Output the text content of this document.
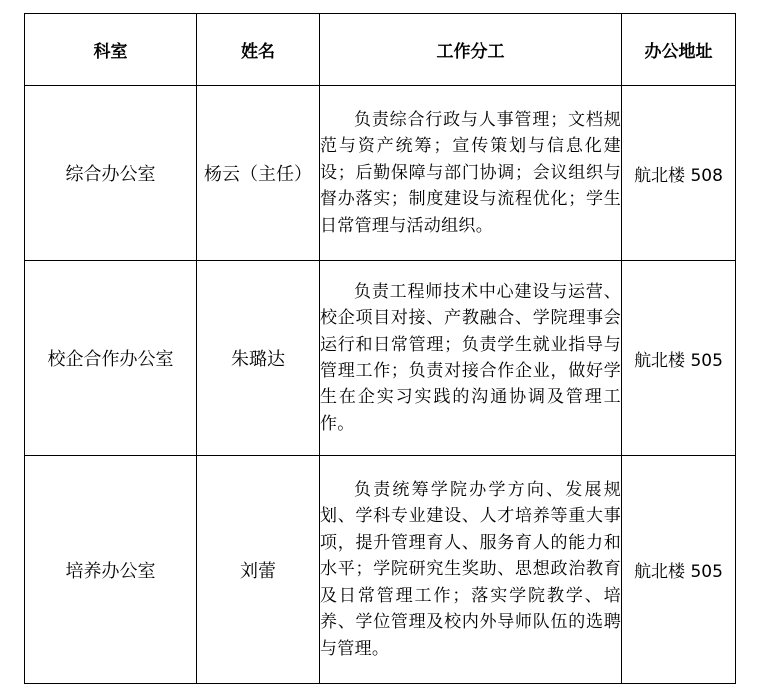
科室	姓名	工作分工	办公地址
综合办公室	杨云（主任）	负责综合行政与人事管理；文档规范与资产统筹；宣传策划与信息化建设；后勤保障与部门协调；会议组织与督办落实；制度建设与流程优化；学生日常管理与活动组织。	航北楼 508
校企合作办公室	朱璐达	负责工程师技术中心建设与运营、校企项目对接、产教融合、学院理事会运行和日常管理；负责学生就业指导与管理工作；负责对接合作企业，做好学生在企实习实践的沟通协调及管理工作。	航北楼 505
培养办公室	刘蕾	负责统筹学院办学方向、发展规划、学科专业建设、人才培养等重大事项，提升管理育人、服务育人的能力和水平；学院研究生奖助、思想政治教育及日常管理工作；落实学院教学、培养、学位管理及校内外导师队伍的选聘与管理。	航北楼 505
